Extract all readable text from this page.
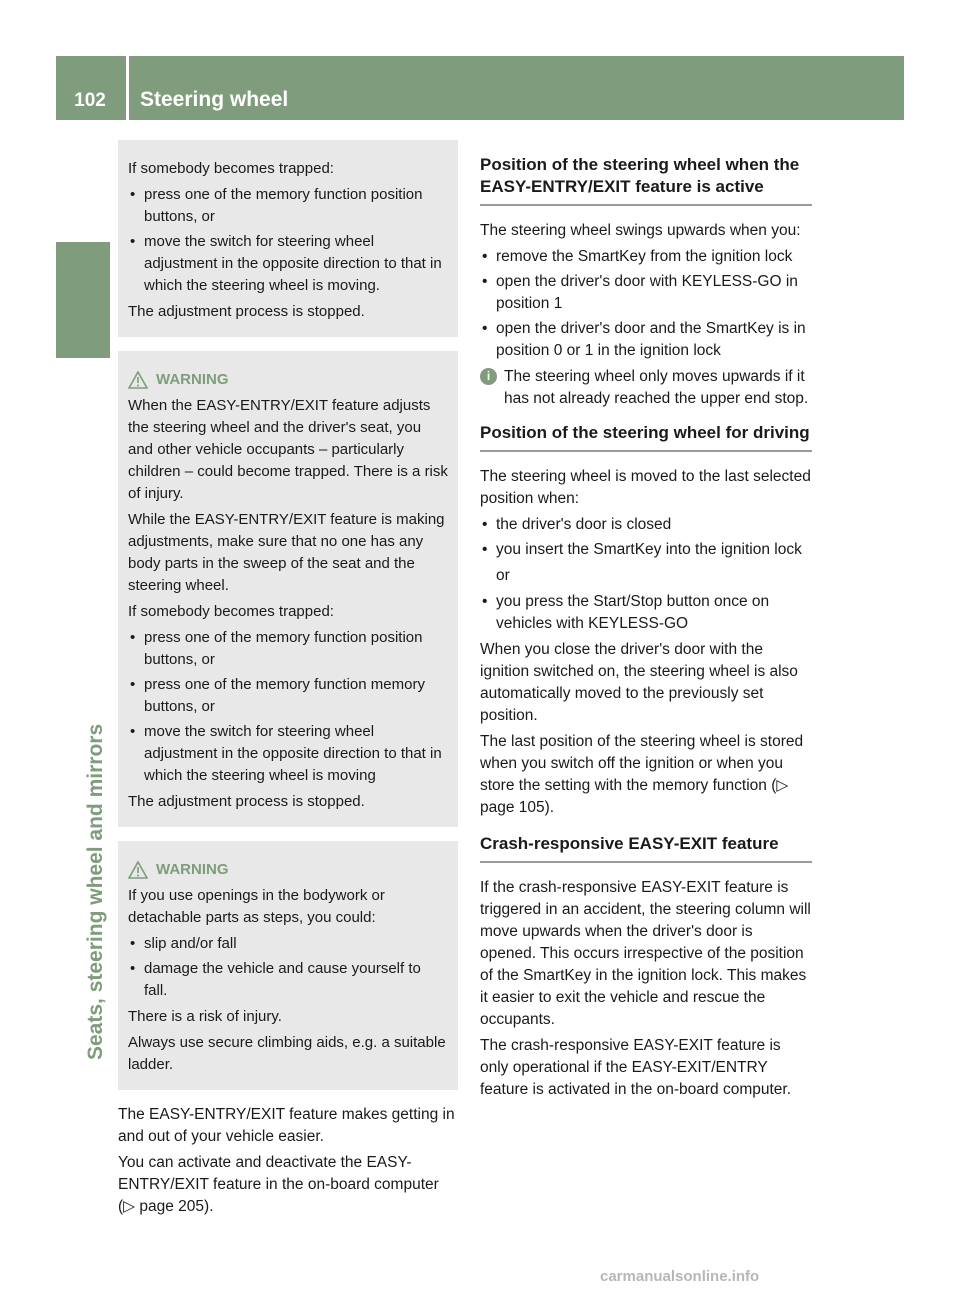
102	Steering wheel
Seats, steering wheel and mirrors

If somebody becomes trapped:

• press one of the memory function position buttons, or
• move the switch for steering wheel adjustment in the opposite direction to that in which the steering wheel is moving.

The adjustment process is stopped.

WARNING

When the EASY-ENTRY/EXIT feature adjusts the steering wheel and the driver's seat, you and other vehicle occupants – particularly children – could become trapped. There is a risk of injury.

While the EASY-ENTRY/EXIT feature is making adjustments, make sure that no one has any body parts in the sweep of the seat and the steering wheel.

If somebody becomes trapped:

• press one of the memory function position buttons, or
• press one of the memory function memory buttons, or
• move the switch for steering wheel adjustment in the opposite direction to that in which the steering wheel is moving

The adjustment process is stopped.

WARNING

If you use openings in the bodywork or detachable parts as steps, you could:

• slip and/or fall
• damage the vehicle and cause yourself to fall.

There is a risk of injury.

Always use secure climbing aids, e.g. a suitable ladder.

The EASY-ENTRY/EXIT feature makes getting in and out of your vehicle easier.

You can activate and deactivate the EASY-ENTRY/EXIT feature in the on-board computer (▷ page 205).

Position of the steering wheel when the EASY-ENTRY/EXIT feature is active

The steering wheel swings upwards when you:

• remove the SmartKey from the ignition lock
• open the driver's door with KEYLESS-GO in position 1
• open the driver's door and the SmartKey is in position 0 or 1 in the ignition lock
i The steering wheel only moves upwards if it has not already reached the upper end stop.
Position of the steering wheel for driving

The steering wheel is moved to the last selected position when:

• the driver's door is closed
• you insert the SmartKey into the ignition lock

or

• you press the Start/Stop button once on vehicles with KEYLESS-GO

When you close the driver's door with the ignition switched on, the steering wheel is also automatically moved to the previously set position.

The last position of the steering wheel is stored when you switch off the ignition or when you store the setting with the memory function (▷ page 105).

Crash-responsive EASY-EXIT feature

If the crash-responsive EASY-EXIT feature is triggered in an accident, the steering column will move upwards when the driver's door is opened. This occurs irrespective of the position of the SmartKey in the ignition lock. This makes it easier to exit the vehicle and rescue the occupants.

The crash-responsive EASY-EXIT feature is only operational if the EASY-EXIT/ENTRY feature is activated in the on-board computer.

carmanualsonline.info
